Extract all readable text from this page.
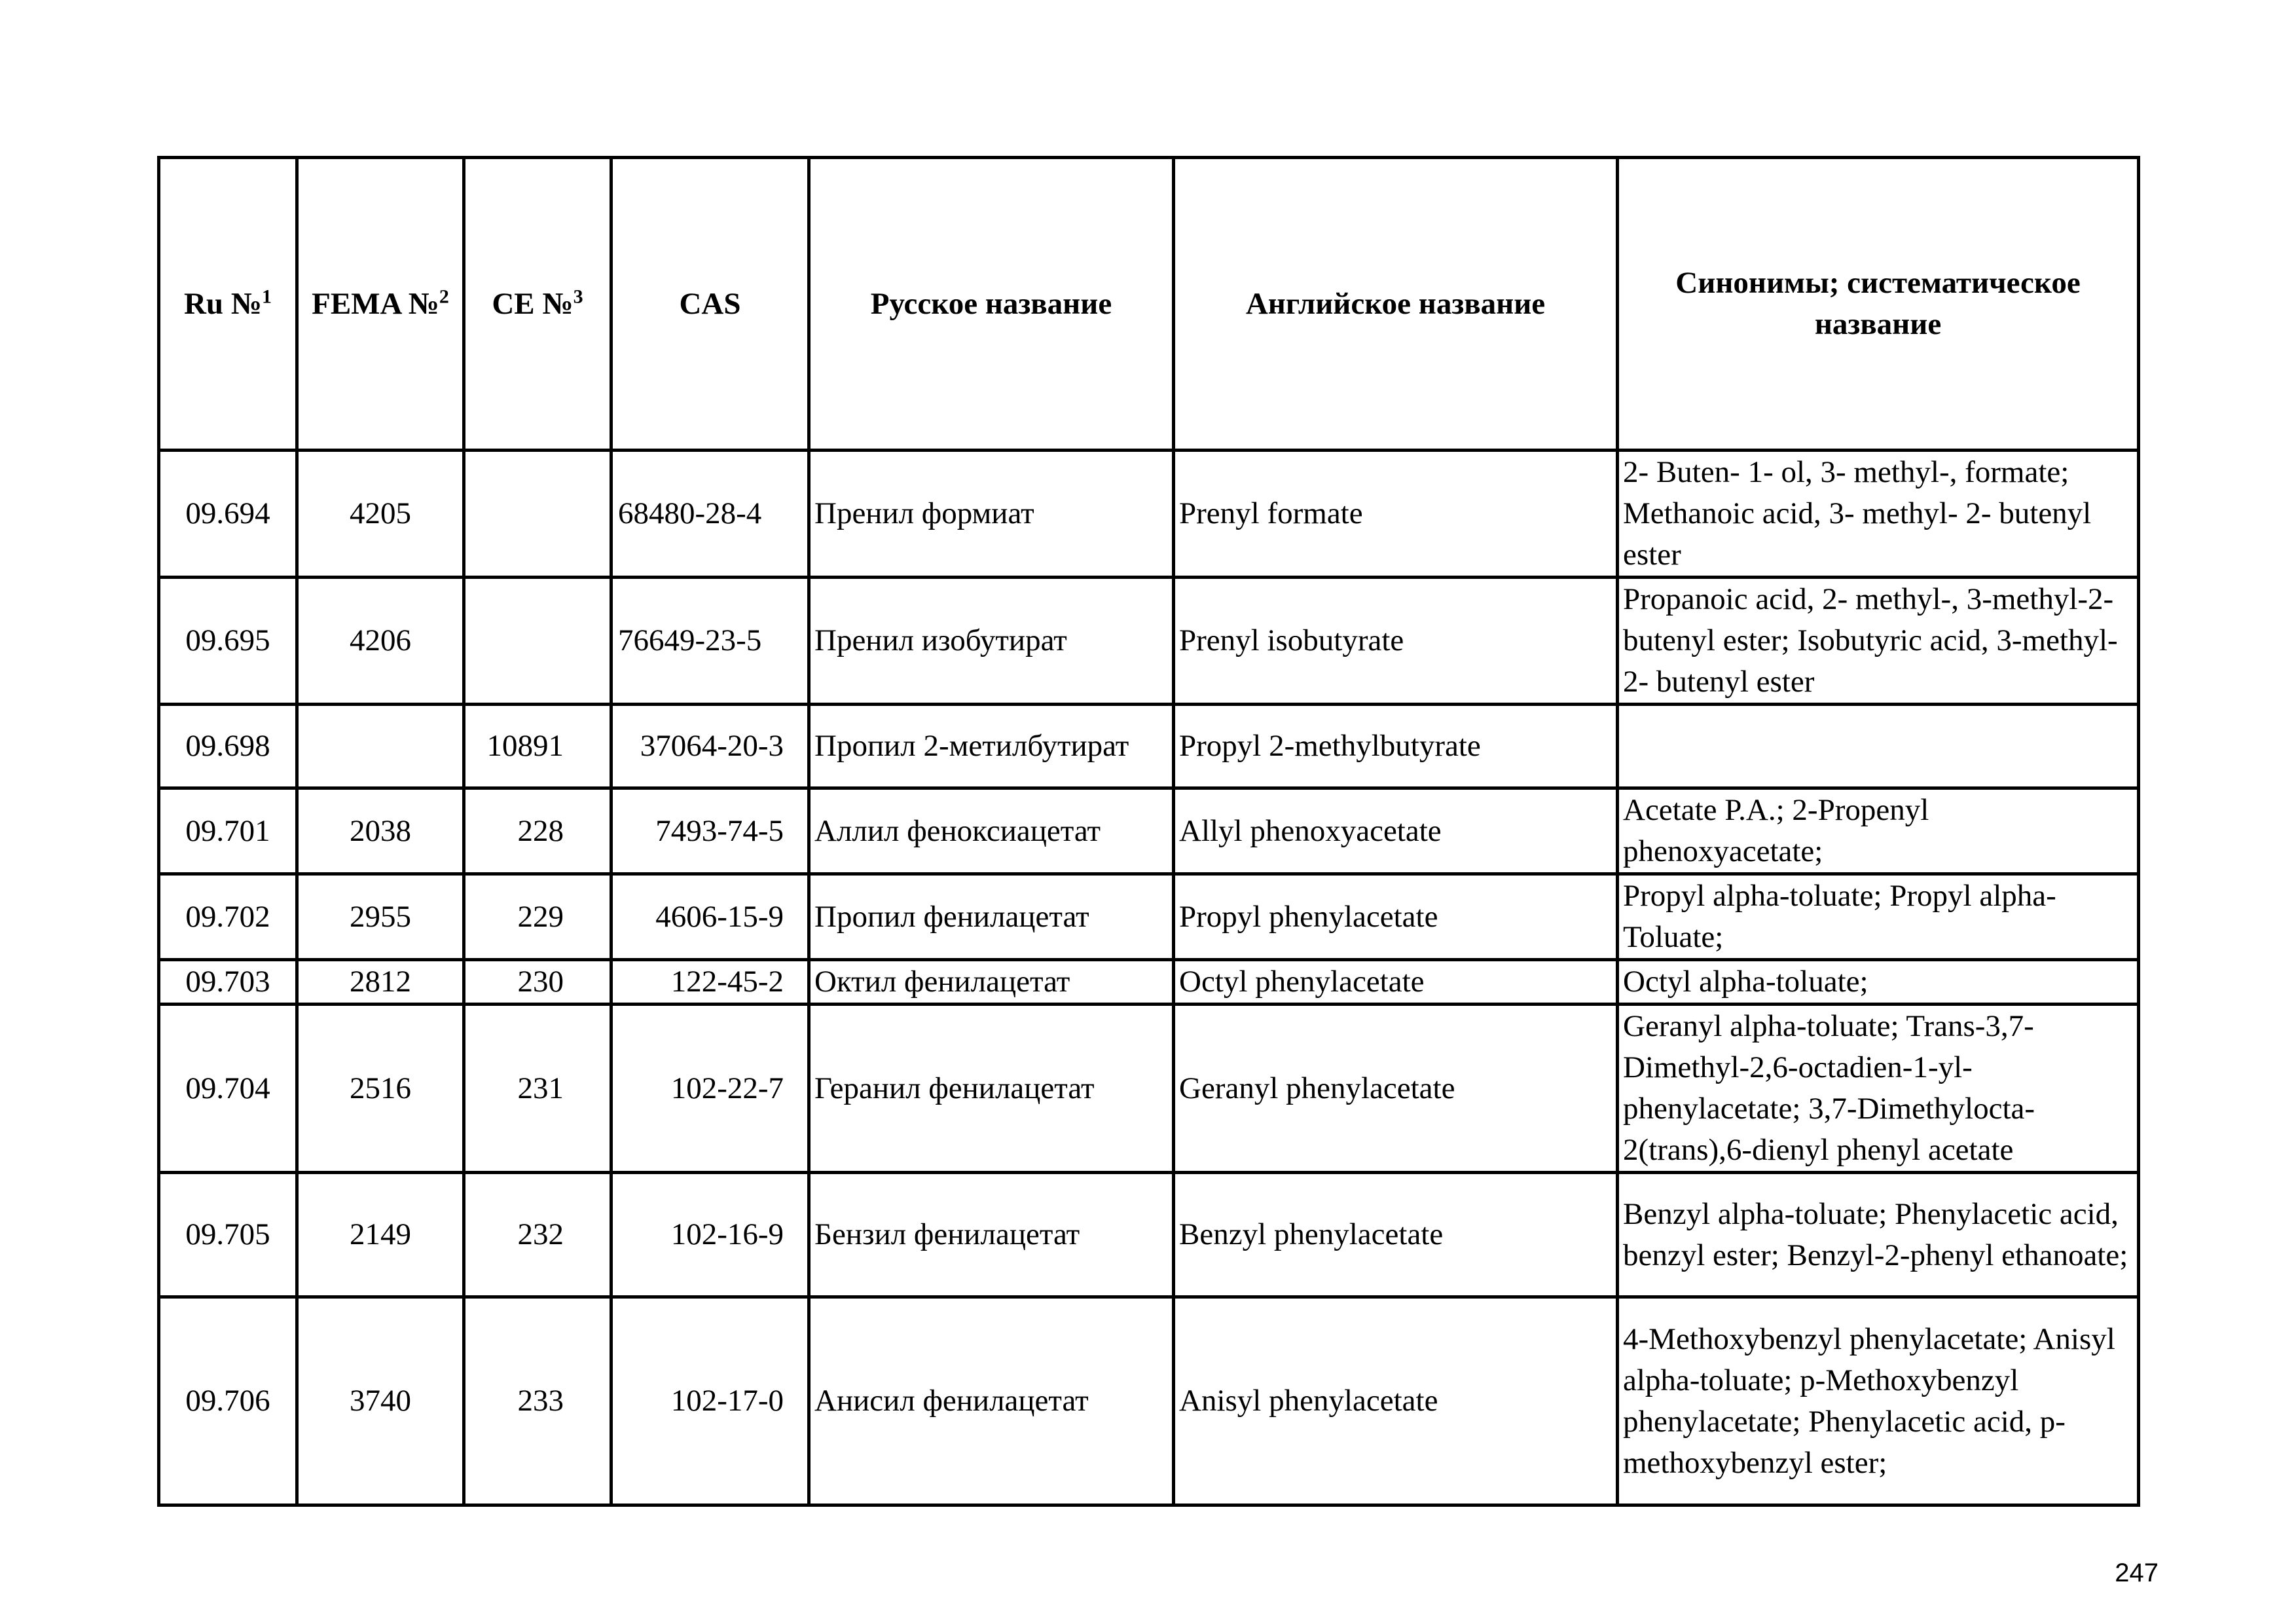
Ru №$^1$	FEMA №$^2$	CE №$^3$	CAS	Русское название	Английское название	Синонимы; систематическое название
09.694	4205		68480-28-4	Пренил формиат	Prenyl formate	2- Buten- 1- ol, 3- methyl-, formate; Methanoic acid, 3- methyl- 2- butenyl ester
09.695	4206		76649-23-5	Пренил изобутират	Prenyl isobutyrate	Propanoic acid, 2- methyl-, 3-methyl-2- butenyl ester; Isobutyric acid, 3-methyl- 2- butenyl ester
09.698		10891	37064-20-3	Пропил 2-метилбутират	Propyl 2-methylbutyrate	
09.701	2038	228	7493-74-5	Аллил феноксиацетат	Allyl phenoxyacetate	Acetate P.A.; 2-Propenyl phenoxyacetate;
09.702	2955	229	4606-15-9	Пропил фенилацетат	Propyl phenylacetate	Propyl alpha-toluate; Propyl alpha-Toluate;
09.703	2812	230	122-45-2	Октил фенилацетат	Octyl phenylacetate	Octyl alpha-toluate;
09.704	2516	231	102-22-7	Геранил фенилацетат	Geranyl phenylacetate	Geranyl alpha-toluate; Trans-3,7-Dimethyl-2,6-octadien-1-yl-phenylacetate; 3,7-Dimethylocta-2(trans),6-dienyl phenyl acetate
09.705	2149	232	102-16-9	Бензил фенилацетат	Benzyl phenylacetate	Benzyl alpha-toluate; Phenylacetic acid, benzyl ester; Benzyl-2-phenyl ethanoate;
09.706	3740	233	102-17-0	Анисил фенилацетат	Anisyl phenylacetate	4-Methoxybenzyl phenylacetate; Anisyl alpha-toluate; p-Methoxybenzyl phenylacetate; Phenylacetic acid, p-methoxybenzyl ester;
247
